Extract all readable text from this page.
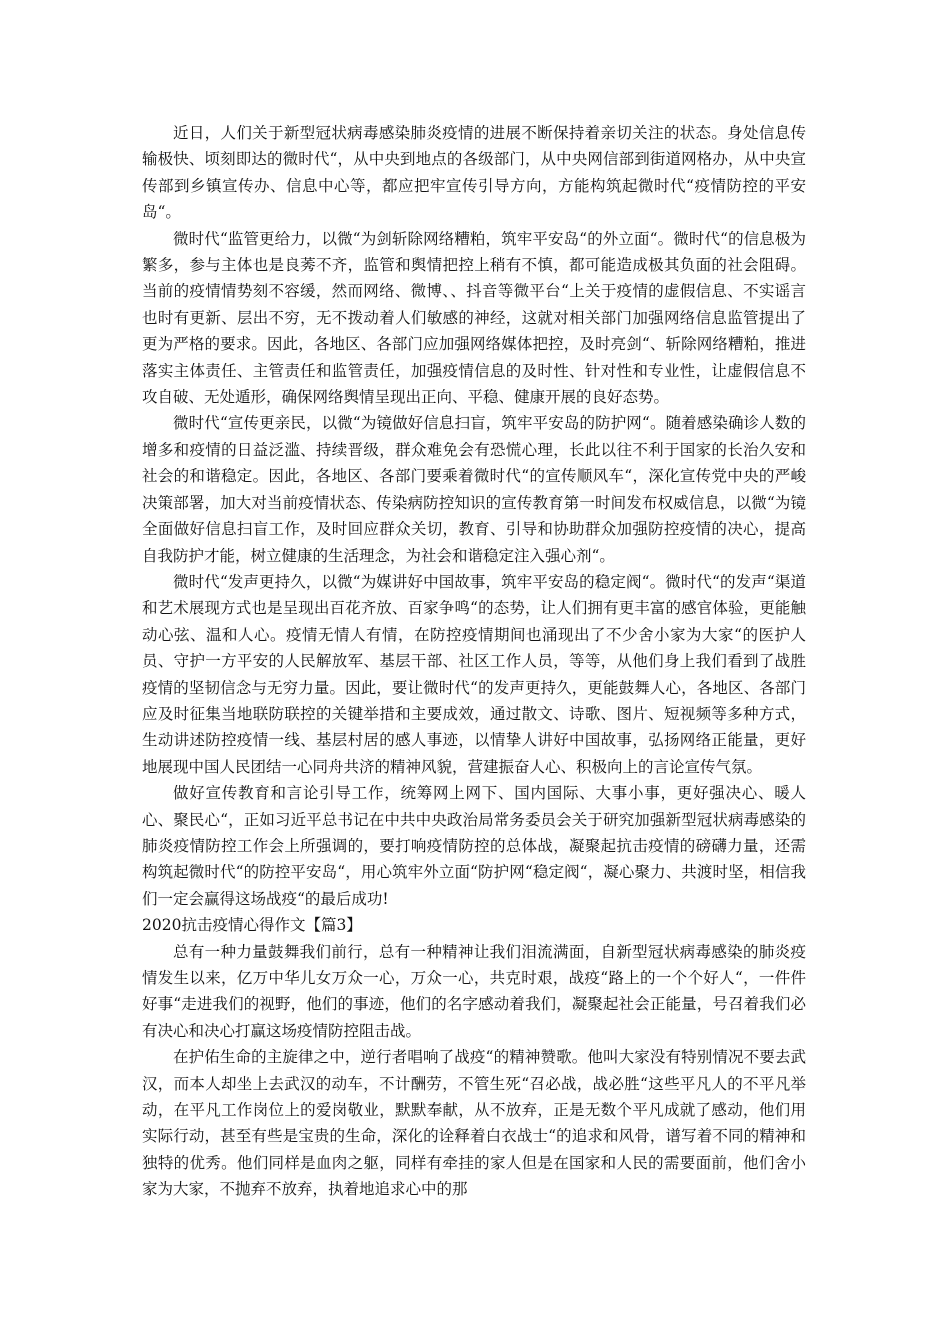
近日，人们关于新型冠状病毒感染肺炎疫情的进展不断保持着亲切关注的状态。身处信息传输极快、顷刻即达的微时代“，从中央到地点的各级部门，从中央网信部到街道网格办，从中央宣传部到乡镇宣传办、信息中心等，都应把牢宣传引导方向，方能构筑起微时代“疫情防控的平安岛“。

微时代“监管更给力，以微“为剑斩除网络糟粕，筑牢平安岛“的外立面“。微时代“的信息极为繁多，参与主体也是良莠不齐，监管和舆情把控上稍有不慎，都可能造成极其负面的社会阻碍。当前的疫情情势刻不容缓，然而网络、微博、、抖音等微平台“上关于疫情的虚假信息、不实谣言也时有更新、层出不穷，无不拨动着人们敏感的神经，这就对相关部门加强网络信息监管提出了更为严格的要求。因此，各地区、各部门应加强网络媒体把控，及时亮剑“、斩除网络糟粕，推进落实主体责任、主管责任和监管责任，加强疫情信息的及时性、针对性和专业性，让虚假信息不攻自破、无处遁形，确保网络舆情呈现出正向、平稳、健康开展的良好态势。

微时代“宣传更亲民，以微“为镜做好信息扫盲，筑牢平安岛的防护网“。随着感染确诊人数的增多和疫情的日益泛滥、持续晋级，群众难免会有恐慌心理，长此以往不利于国家的长治久安和社会的和谐稳定。因此，各地区、各部门要乘着微时代“的宣传顺风车“，深化宣传党中央的严峻决策部署，加大对当前疫情状态、传染病防控知识的宣传教育第一时间发布权威信息，以微“为镜全面做好信息扫盲工作，及时回应群众关切，教育、引导和协助群众加强防控疫情的决心，提高自我防护才能，树立健康的生活理念，为社会和谐稳定注入强心剂“。

微时代“发声更持久，以微“为媒讲好中国故事，筑牢平安岛的稳定阀“。微时代“的发声“渠道和艺术展现方式也是呈现出百花齐放、百家争鸣“的态势，让人们拥有更丰富的感官体验，更能触动心弦、温和人心。疫情无情人有情，在防控疫情期间也涌现出了不少舍小家为大家“的医护人员、守护一方平安的人民解放军、基层干部、社区工作人员，等等，从他们身上我们看到了战胜疫情的坚韧信念与无穷力量。因此，要让微时代“的发声更持久，更能鼓舞人心，各地区、各部门应及时征集当地联防联控的关键举措和主要成效，通过散文、诗歌、图片、短视频等多种方式，生动讲述防控疫情一线、基层村居的感人事迹，以情挚人讲好中国故事，弘扬网络正能量，更好地展现中国人民团结一心同舟共济的精神风貌，营建振奋人心、积极向上的言论宣传气氛。

做好宣传教育和言论引导工作，统筹网上网下、国内国际、大事小事，更好强决心、暖人心、聚民心“，正如习近平总书记在中共中央政治局常务委员会关于研究加强新型冠状病毒感染的肺炎疫情防控工作会上所强调的，要打响疫情防控的总体战，凝聚起抗击疫情的磅礴力量，还需构筑起微时代“的防控平安岛“，用心筑牢外立面“防护网“稳定阀“，凝心聚力、共渡时坚，相信我们一定会赢得这场战疫“的最后成功!

2020抗击疫情心得作文【篇3】

总有一种力量鼓舞我们前行，总有一种精神让我们泪流满面，自新型冠状病毒感染的肺炎疫情发生以来，亿万中华儿女万众一心，万众一心，共克时艰，战疫“路上的一个个好人“，一件件好事“走进我们的视野，他们的事迹，他们的名字感动着我们，凝聚起社会正能量，号召着我们必有决心和决心打赢这场疫情防控阻击战。

在护佑生命的主旋律之中，逆行者唱响了战疫“的精神赞歌。他叫大家没有特别情况不要去武汉，而本人却坐上去武汉的动车，不计酬劳，不管生死“召必战，战必胜“这些平凡人的不平凡举动，在平凡工作岗位上的爱岗敬业，默默奉献，从不放弃，正是无数个平凡成就了感动，他们用实际行动，甚至有些是宝贵的生命，深化的诠释着白衣战士“的追求和风骨，谱写着不同的精神和独特的优秀。他们同样是血肉之躯，同样有牵挂的家人但是在国家和人民的需要面前，他们舍小家为大家，不抛弃不放弃，执着地追求心中的那
